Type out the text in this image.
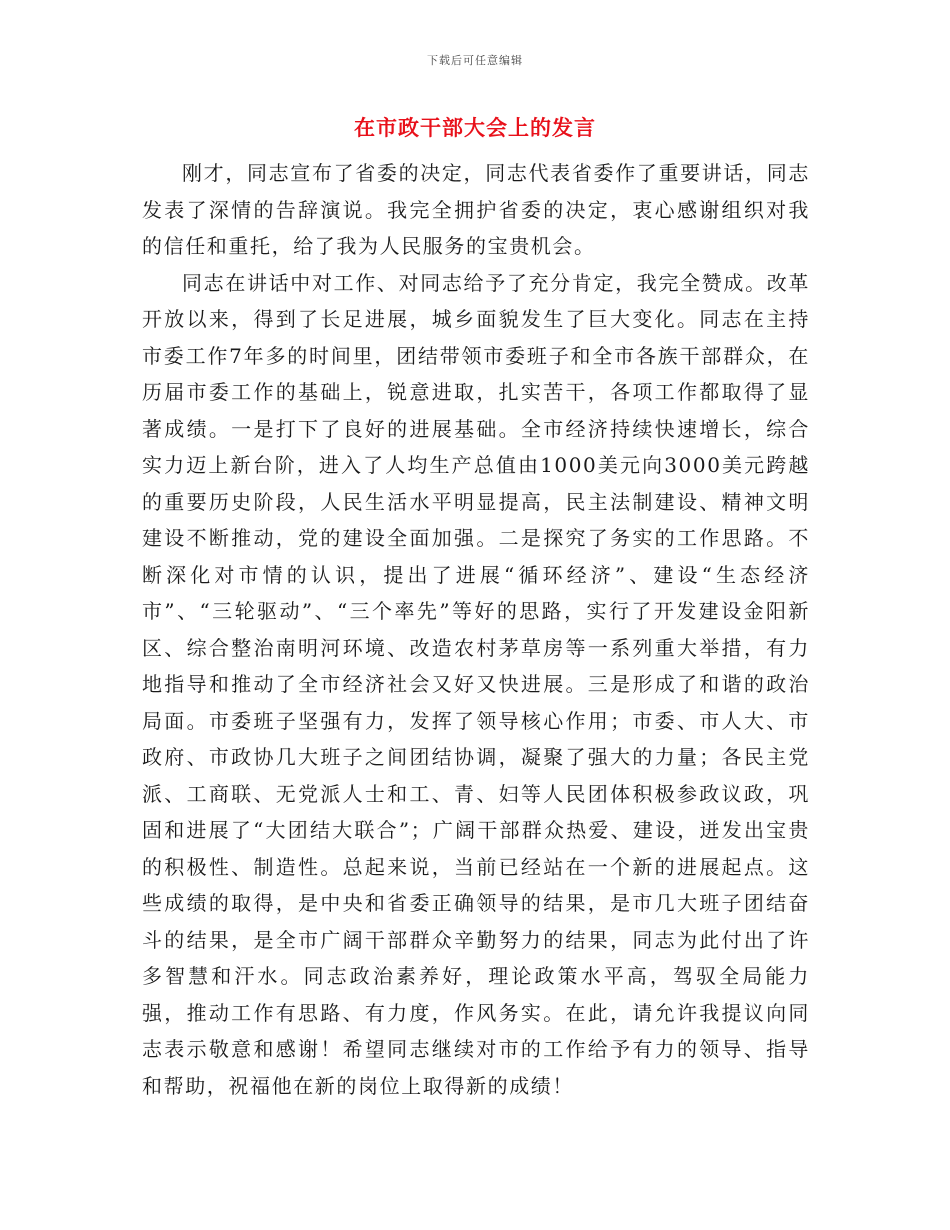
下载后可任意编辑
在市政干部大会上的发言

刚才，同志宣布了省委的决定，同志代表省委作了重要讲话，同志发表了深情的告辞演说。我完全拥护省委的决定，衷心感谢组织对我的信任和重托，给了我为人民服务的宝贵机会。

同志在讲话中对工作、对同志给予了充分肯定，我完全赞成。改革开放以来，得到了长足进展，城乡面貌发生了巨大变化。同志在主持市委工作7年多的时间里，团结带领市委班子和全市各族干部群众，在历届市委工作的基础上，锐意进取，扎实苦干，各项工作都取得了显著成绩。一是打下了良好的进展基础。全市经济持续快速增长，综合实力迈上新台阶，进入了人均生产总值由1000美元向3000美元跨越的重要历史阶段，人民生活水平明显提高，民主法制建设、精神文明建设不断推动，党的建设全面加强。二是探究了务实的工作思路。不断深化对市情的认识，提出了进展“循环经济”、建设“生态经济市”、“三轮驱动”、“三个率先”等好的思路，实行了开发建设金阳新区、综合整治南明河环境、改造农村茅草房等一系列重大举措，有力地指导和推动了全市经济社会又好又快进展。三是形成了和谐的政治局面。市委班子坚强有力，发挥了领导核心作用；市委、市人大、市政府、市政协几大班子之间团结协调，凝聚了强大的力量；各民主党派、工商联、无党派人士和工、青、妇等人民团体积极参政议政，巩固和进展了“大团结大联合”；广阔干部群众热爱、建设，迸发出宝贵的积极性、制造性。总起来说，当前已经站在一个新的进展起点。这些成绩的取得，是中央和省委正确领导的结果，是市几大班子团结奋斗的结果，是全市广阔干部群众辛勤努力的结果，同志为此付出了许多智慧和汗水。同志政治素养好，理论政策水平高，驾驭全局能力强，推动工作有思路、有力度，作风务实。在此，请允许我提议向同志表示敬意和感谢！希望同志继续对市的工作给予有力的领导、指导和帮助，祝福他在新的岗位上取得新的成绩！
